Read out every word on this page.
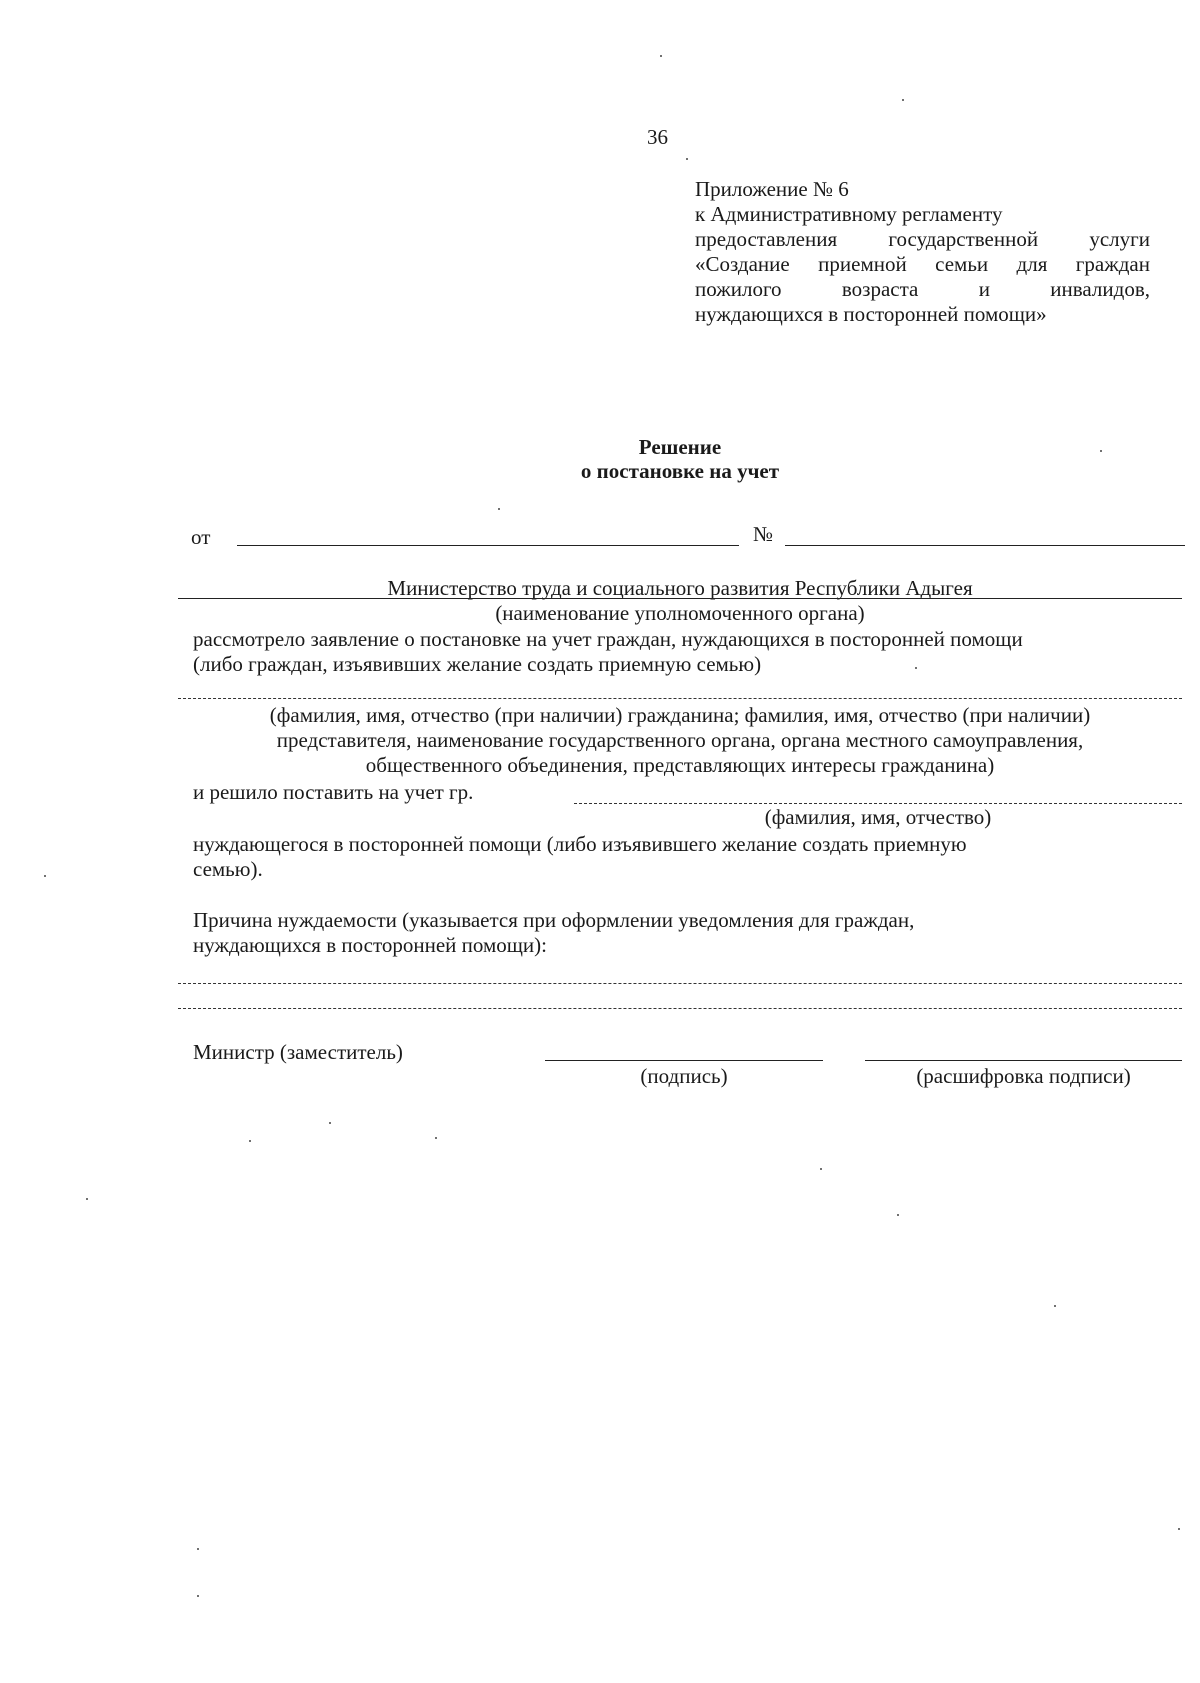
36
Приложение № 6
к Административному регламенту
предоставления государственной услуги
«Создание приемной семьи для граждан
пожилого возраста и инвалидов,
нуждающихся в посторонней помощи»
Решение
о постановке на учет
от	№
Министерство труда и социального развития Республики Адыгея
(наименование уполномоченного органа)
рассмотрело заявление о постановке на учет граждан, нуждающихся в посторонней помощи
(либо граждан, изъявивших желание создать приемную семью)
(фамилия, имя, отчество (при наличии) гражданина; фамилия, имя, отчество (при наличии)
представителя, наименование государственного органа, органа местного самоуправления,
общественного объединения, представляющих интересы гражданина)
и решило поставить на учет гр.
(фамилия, имя, отчество)
нуждающегося в посторонней помощи (либо изъявившего желание создать приемную
семью).
Причина нуждаемости (указывается при оформлении уведомления для граждан,
нуждающихся в посторонней помощи):
Министр (заместитель)
(подпись)	(расшифровка подписи)
